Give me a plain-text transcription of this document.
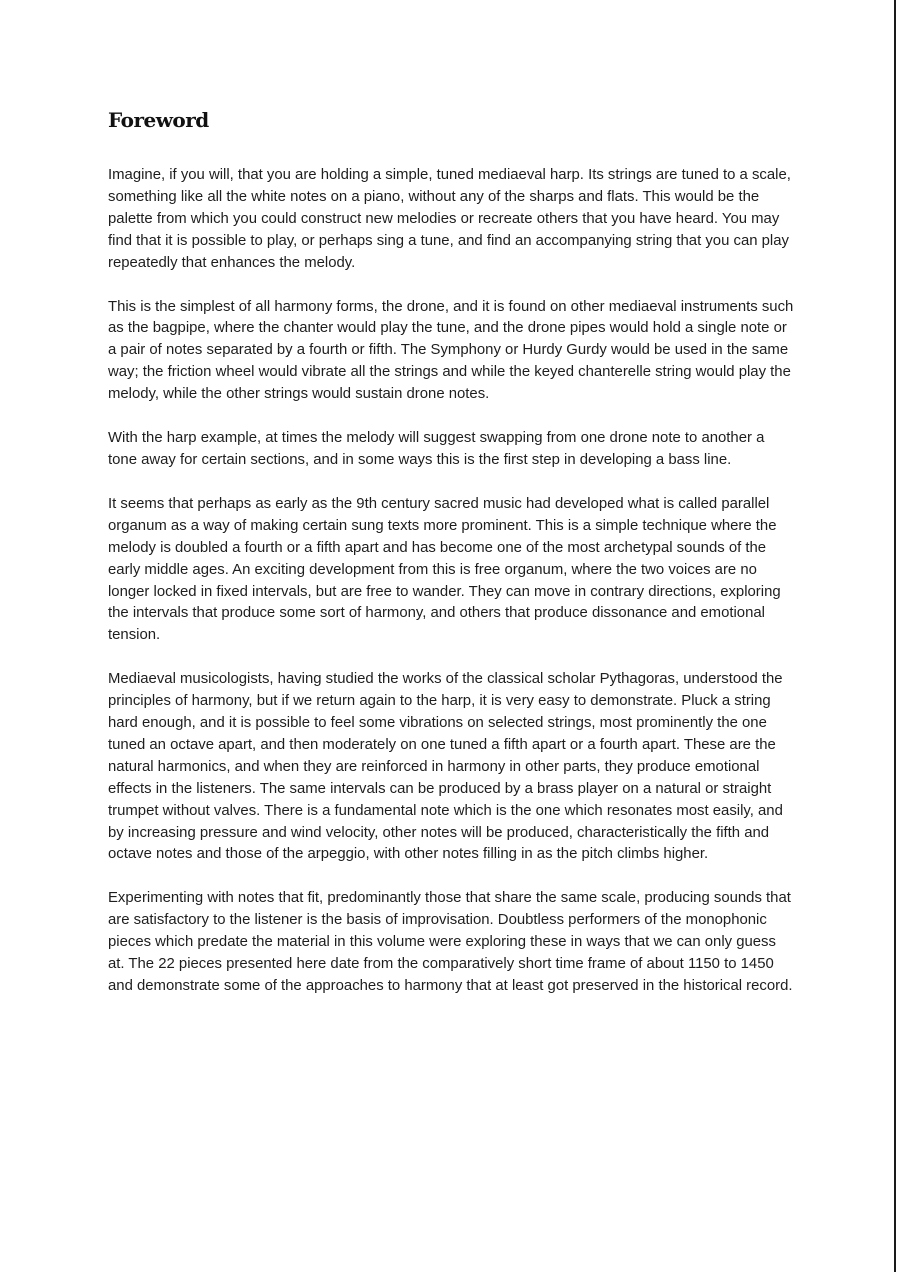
Foreword

Imagine, if you will, that you are holding a simple, tuned mediaeval harp. Its strings are tuned to a scale, something like all the white notes on a piano, without any of the sharps and flats. This would be the palette from which you could construct new melodies or recreate others that you have heard. You may find that it is possible to play, or perhaps sing a tune, and find an accompanying string that you can play repeatedly that enhances the melody.

This is the simplest of all harmony forms, the drone, and it is found on other mediaeval instruments such as the bagpipe, where the chanter would play the tune, and the drone pipes would hold a single note or a pair of notes separated by a fourth or fifth. The Symphony or Hurdy Gurdy would be used in the same way; the friction wheel would vibrate all the strings and while the keyed chanterelle string would play the melody, while the other strings would sustain drone notes.

With the harp example, at times the melody will suggest swapping from one drone note to another a tone away for certain sections, and in some ways this is the first step in developing a bass line.

It seems that perhaps as early as the 9th century sacred music had developed what is called parallel organum as a way of making certain sung texts more prominent. This is a simple technique where the melody is doubled a fourth or a fifth apart and has become one of the most archetypal sounds of the early middle ages. An exciting development from this is free organum, where the two voices are no longer locked in fixed intervals, but are free to wander. They can move in contrary directions, exploring the intervals that produce some sort of harmony, and others that produce dissonance and emotional tension.

Mediaeval musicologists, having studied the works of the classical scholar Pythagoras, understood the principles of harmony, but if we return again to the harp, it is very easy to demonstrate. Pluck a string hard enough, and it is possible to feel some vibrations on selected strings, most prominently the one tuned an octave apart, and then moderately on one tuned a fifth apart or a fourth apart. These are the natural harmonics, and when they are reinforced in harmony in other parts, they produce emotional effects in the listeners. The same intervals can be produced by a brass player on a natural or straight trumpet without valves. There is a fundamental note which is the one which resonates most easily, and by increasing pressure and wind velocity, other notes will be produced, characteristically the fifth and octave notes and those of the arpeggio, with other notes filling in as the pitch climbs higher.

Experimenting with notes that fit, predominantly those that share the same scale, producing sounds that are satisfactory to the listener is the basis of improvisation. Doubtless performers of the monophonic pieces which predate the material in this volume were exploring these in ways that we can only guess at. The 22 pieces presented here date from the comparatively short time frame of about 1150 to 1450 and demonstrate some of the approaches to harmony that at least got preserved in the historical record.
